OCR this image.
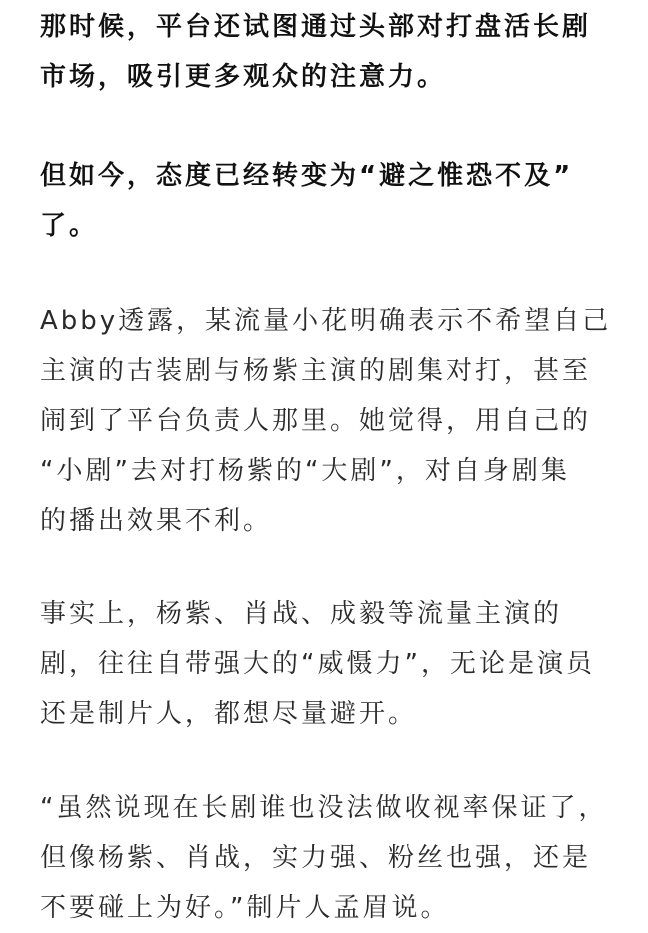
那时候，平台还试图通过头部对打盘活长剧
市场，吸引更多观众的注意力。

但如今，态度已经转变为“避之惟恐不及”
了。

Abby透露，某流量小花明确表示不希望自己
主演的古装剧与杨紫主演的剧集对打，甚至
闹到了平台负责人那里。她觉得，用自己的
“小剧”去对打杨紫的“大剧”，对自身剧集
的播出效果不利。

事实上，杨紫、肖战、成毅等流量主演的
剧，往往自带强大的“威慑力”，无论是演员
还是制片人，都想尽量避开。

“虽然说现在长剧谁也没法做收视率保证了，
但像杨紫、肖战，实力强、粉丝也强，还是
不要碰上为好。”制片人孟眉说。
